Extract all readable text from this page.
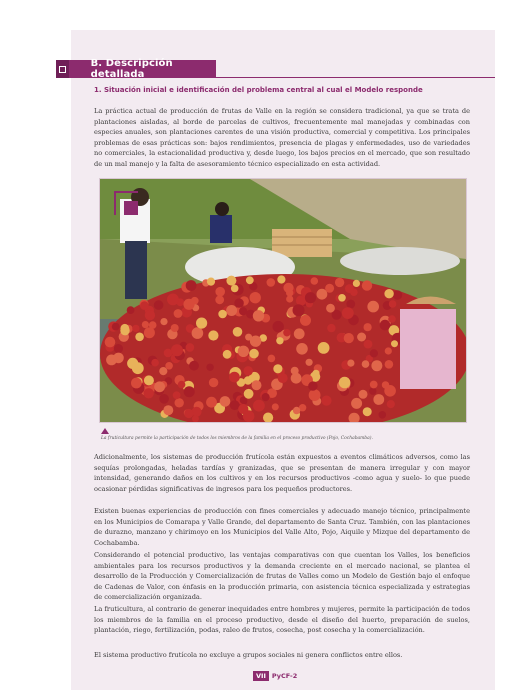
B. Descripción detallada

1. Situación inicial e identificación del problema central al cual el Modelo responde

La práctica actual de producción de frutas de Valle en la región se considera tradicional, ya que se trata de plantaciones aisladas, al borde de parcelas de cultivos, frecuentemente mal manejadas y combinadas con especies anuales, son plantaciones carentes de una visión productiva, comercial y competitiva. Los principales problemas de esas prácticas son: bajos rendimientos, presencia de plagas y enfermedades, uso de variedades no comerciales, la estacionalidad productiva y, desde luego, los bajos precios en el mercado, que son resultado de un mal manejo y la falta de asesoramiento técnico especializado en esta actividad.

La fruticultura permite la participación de todos los miembros de la familia en el proceso productivo (Pojo, Cochabamba).

Adicionalmente, los sistemas de producción frutícola están expuestos a eventos climáticos adversos, como las sequías prolongadas, heladas tardías y granizadas, que se presentan de manera irregular y con mayor intensidad, generando daños en los cultivos y en los recursos productivos -como agua y suelo- lo que puede ocasionar pérdidas significativas de ingresos para los pequeños productores.

Existen buenas experiencias de producción con fines comerciales y adecuado manejo técnico, principalmente en los Municipios de Comarapa y Valle Grande, del departamento de Santa Cruz. También, con las plantaciones de durazno, manzano y chirimoyo en los Municipios del Valle Alto, Pojo, Aiquile y Mizque del departamento de Cochabamba.

Considerando el potencial productivo, las ventajas comparativas con que cuentan los Valles, los beneficios ambientales para los recursos productivos y la demanda creciente en el mercado nacional, se plantea el desarrollo de la Producción y Comercialización de frutas de Valles como un Modelo de Gestión bajo el enfoque de Cadenas de Valor, con énfasis en la producción primaria, con asistencia técnica especializada y estrategias de comercialización organizada.

La fruticultura, al contrario de generar inequidades entre hombres y mujeres, permite la participación de todos los miembros de la familia en el proceso productivo, desde el diseño del huerto, preparación de suelos, plantación, riego, fertilización, podas, raleo de frutos, cosecha, post cosecha y la comercialización.

El sistema productivo frutícola no excluye a grupos sociales ni genera conflictos entre ellos.

VII PyCF-2
